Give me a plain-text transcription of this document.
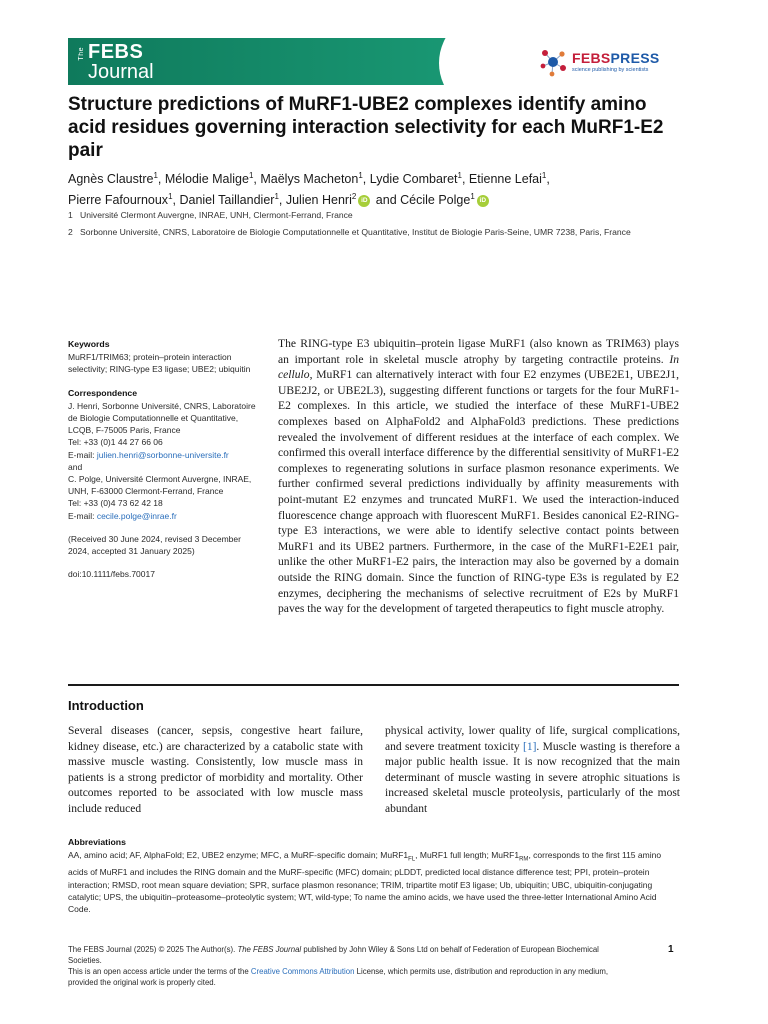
The FEBS
Journal
FEBSPRESS
science publishing by scientists
Structure predictions of MuRF1-UBE2 complexes identify amino acid residues governing interaction selectivity for each MuRF1-E2 pair
Agnès Claustre$^1$, Mélodie Malige$^1$, Maëlys Macheton$^1$, Lydie Combaret$^1$, Etienne Lefai$^1$,
Pierre Fafournoux$^1$, Daniel Taillandier$^1$, Julien Henri$^2$ iD and Cécile Polge$^1$ iD
1 Université Clermont Auvergne, INRAE, UNH, Clermont-Ferrand, France
2 Sorbonne Université, CNRS, Laboratoire de Biologie Computationnelle et Quantitative, Institut de Biologie Paris-Seine, UMR 7238, Paris, France
Keywords

MuRF1/TRIM63; protein–protein interaction selectivity; RING-type E3 ligase; UBE2; ubiquitin

Correspondence

J. Henri, Sorbonne Université, CNRS, Laboratoire de Biologie Computationnelle et Quantitative, LCQB, F-75005 Paris, France

Tel: +33 (0)1 44 27 66 06

E-mail: julien.henri@sorbonne-universite.fr

and

C. Polge, Université Clermont Auvergne, INRAE, UNH, F-63000 Clermont-Ferrand, France

Tel: +33 (0)4 73 62 42 18

E-mail: cecile.polge@inrae.fr

(Received 30 June 2024, revised 3 December 2024, accepted 31 January 2025)

doi:10.1111/febs.70017

The RING-type E3 ubiquitin–protein ligase MuRF1 (also known as TRIM63) plays an important role in skeletal muscle atrophy by targeting contractile proteins. In cellulo, MuRF1 can alternatively interact with four E2 enzymes (UBE2E1, UBE2J1, UBE2J2, or UBE2L3), suggesting different functions or targets for the four MuRF1-E2 complexes. In this article, we studied the interface of these MuRF1-UBE2 complexes based on AlphaFold2 and AlphaFold3 predictions. These predictions revealed the involvement of different residues at the interface of each complex. We confirmed this overall interface difference by the differential sensitivity of MuRF1-E2 complexes to regenerating solutions in surface plasmon resonance experiments. We further confirmed several predictions individually by affinity measurements with point-mutant E2 enzymes and truncated MuRF1. We used the interaction-induced fluorescence change approach with fluorescent MuRF1. Besides canonical E2-RING-type E3 interactions, we were able to identify selective contact points between MuRF1 and its UBE2 partners. Furthermore, in the case of the MuRF1-E2E1 pair, unlike the other MuRF1-E2 pairs, the interaction may also be governed by a domain outside the RING domain. Since the function of RING-type E3s is regulated by E2 enzymes, deciphering the mechanisms of selective recruitment of E2s by MuRF1 paves the way for the development of targeted therapeutics to fight muscle atrophy.

Introduction

Several diseases (cancer, sepsis, congestive heart failure, kidney disease, etc.) are characterized by a catabolic state with massive muscle wasting. Consistently, low muscle mass in patients is a strong predictor of morbidity and mortality. Other outcomes reported to be associated with low muscle mass include reduced

physical activity, lower quality of life, surgical complications, and severe treatment toxicity [1]. Muscle wasting is therefore a major public health issue. It is now recognized that the main determinant of muscle wasting in severe atrophic situations is increased skeletal muscle proteolysis, particularly of the most abundant

Abbreviations

AA, amino acid; AF, AlphaFold; E2, UBE2 enzyme; MFC, a MuRF-specific domain; $MuRF1_{FL}$, MuRF1 full length; $MuRF1_{RM}$, corresponds to the first 115 amino acids of MuRF1 and includes the RING domain and the MuRF-specific (MFC) domain; pLDDT, predicted local distance difference test; PPI, protein–protein interaction; RMSD, root mean square deviation; SPR, surface plasmon resonance; TRIM, tripartite motif E3 ligase; Ub, ubiquitin; UBC, ubiquitin-conjugating catalytic; UPS, the ubiquitin–proteasome–proteolytic system; WT, wild-type; To name the amino acids, we have used the three-letter International Amino Acid Code.

The FEBS Journal (2025) © 2025 The Author(s). The FEBS Journal published by John Wiley & Sons Ltd on behalf of Federation of European Biochemical Societies.

This is an open access article under the terms of the Creative Commons Attribution License, which permits use, distribution and reproduction in any medium, provided the original work is properly cited.

1
